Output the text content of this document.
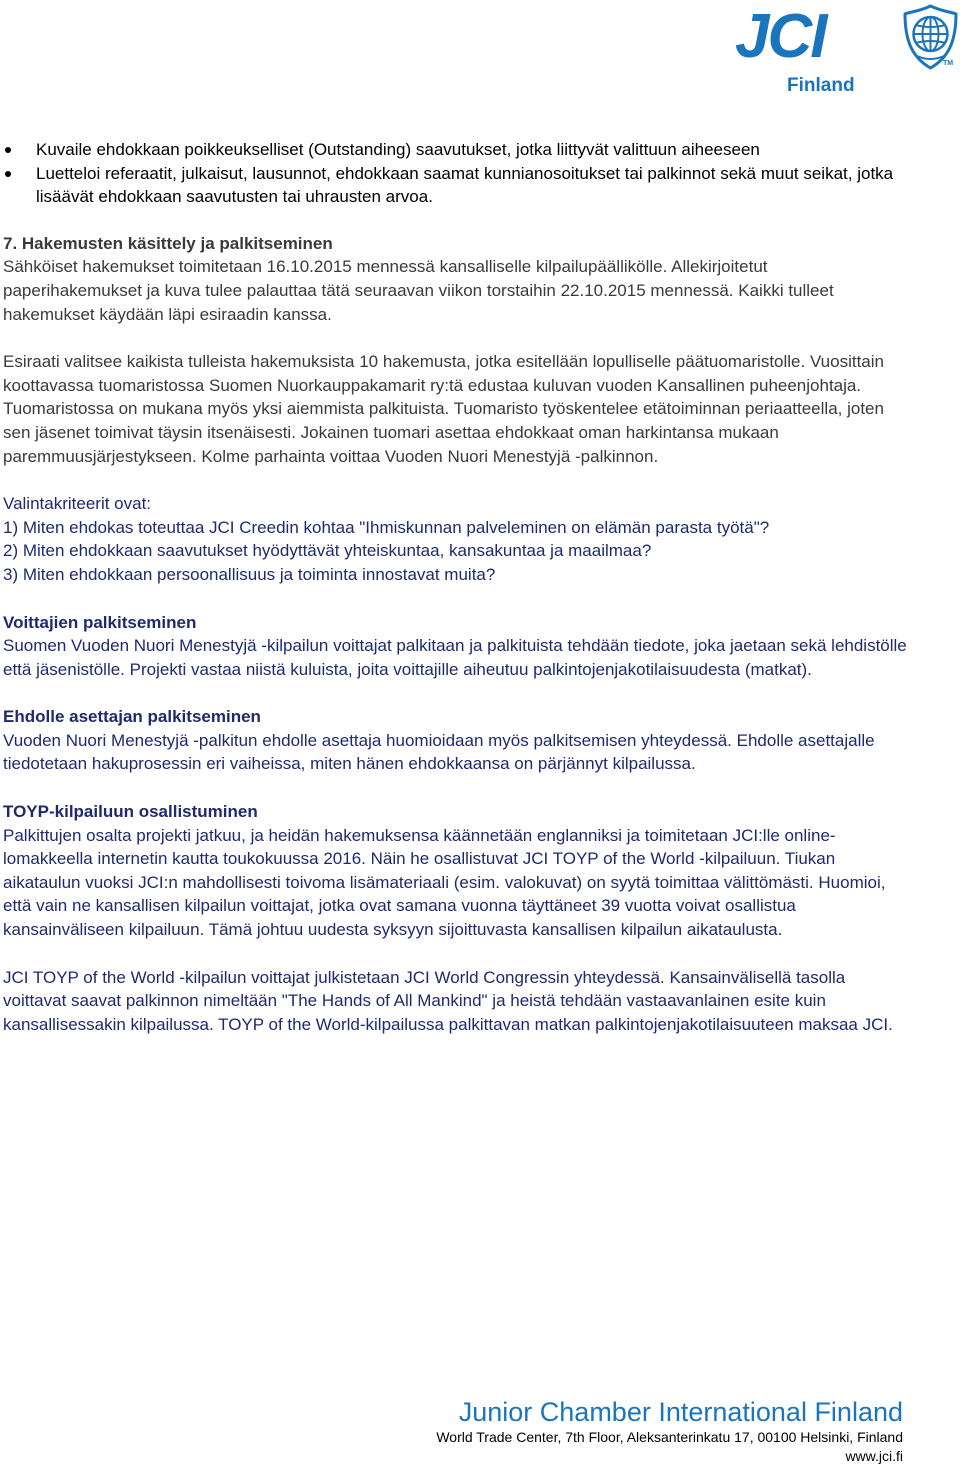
JCI
Finland
TM
Kuvaile ehdokkaan poikkeukselliset (Outstanding) saavutukset, jotka liittyvät valittuun aiheeseen
Luetteloi referaatit, julkaisut, lausunnot, ehdokkaan saamat kunnianosoitukset tai palkinnot sekä muut seikat, jotka lisäävät ehdokkaan saavutusten tai uhrausten arvoa.

7. Hakemusten käsittely ja palkitseminen

Sähköiset hakemukset toimitetaan 16.10.2015 mennessä kansalliselle kilpailupäällikölle. Allekirjoitetut paperihakemukset ja kuva tulee palauttaa tätä seuraavan viikon torstaihin 22.10.2015 mennessä. Kaikki tulleet hakemukset käydään läpi esiraadin kanssa.

Esiraati valitsee kaikista tulleista hakemuksista 10 hakemusta, jotka esitellään lopulliselle päätuomaristolle. Vuosittain koottavassa tuomaristossa Suomen Nuorkauppakamarit ry:tä edustaa kuluvan vuoden Kansallinen puheenjohtaja. Tuomaristossa on mukana myös yksi aiemmista palkituista. Tuomaristo työskentelee etätoiminnan periaatteella, joten sen jäsenet toimivat täysin itsenäisesti. Jokainen tuomari asettaa ehdokkaat oman harkintansa mukaan paremmuusjärjestykseen. Kolme parhainta voittaa Vuoden Nuori Menestyjä -palkinnon.

Valintakriteerit ovat:

1) Miten ehdokas toteuttaa JCI Creedin kohtaa "Ihmiskunnan palveleminen on elämän parasta työtä"?

2) Miten ehdokkaan saavutukset hyödyttävät yhteiskuntaa, kansakuntaa ja maailmaa?

3) Miten ehdokkaan persoonallisuus ja toiminta innostavat muita?

Voittajien palkitseminen

Suomen Vuoden Nuori Menestyjä -kilpailun voittajat palkitaan ja palkituista tehdään tiedote, joka jaetaan sekä lehdistölle että jäsenistölle. Projekti vastaa niistä kuluista, joita voittajille aiheutuu palkintojenjakotilaisuudesta (matkat).

Ehdolle asettajan palkitseminen

Vuoden Nuori Menestyjä -palkitun ehdolle asettaja huomioidaan myös palkitsemisen yhteydessä. Ehdolle asettajalle tiedotetaan hakuprosessin eri vaiheissa, miten hänen ehdokkaansa on pärjännyt kilpailussa.

TOYP-kilpailuun osallistuminen

Palkittujen osalta projekti jatkuu, ja heidän hakemuksensa käännetään englanniksi ja toimitetaan JCI:lle online-lomakkeella internetin kautta toukokuussa 2016. Näin he osallistuvat JCI TOYP of the World -kilpailuun. Tiukan aikataulun vuoksi JCI:n mahdollisesti toivoma lisämateriaali (esim. valokuvat) on syytä toimittaa välittömästi. Huomioi, että vain ne kansallisen kilpailun voittajat, jotka ovat samana vuonna täyttäneet 39 vuotta voivat osallistua kansainväliseen kilpailuun. Tämä johtuu uudesta syksyyn sijoittuvasta kansallisen kilpailun aikataulusta.

JCI TOYP of the World -kilpailun voittajat julkistetaan JCI World Congressin yhteydessä. Kansainvälisellä tasolla voittavat saavat palkinnon nimeltään "The Hands of All Mankind" ja heistä tehdään vastaavanlainen esite kuin kansallisessakin kilpailussa. TOYP of the World-kilpailussa palkittavan matkan palkintojenjakotilaisuuteen maksaa JCI.

Junior Chamber International Finland
World Trade Center, 7th Floor, Aleksanterinkatu 17, 00100 Helsinki, Finland
www.jci.fi
